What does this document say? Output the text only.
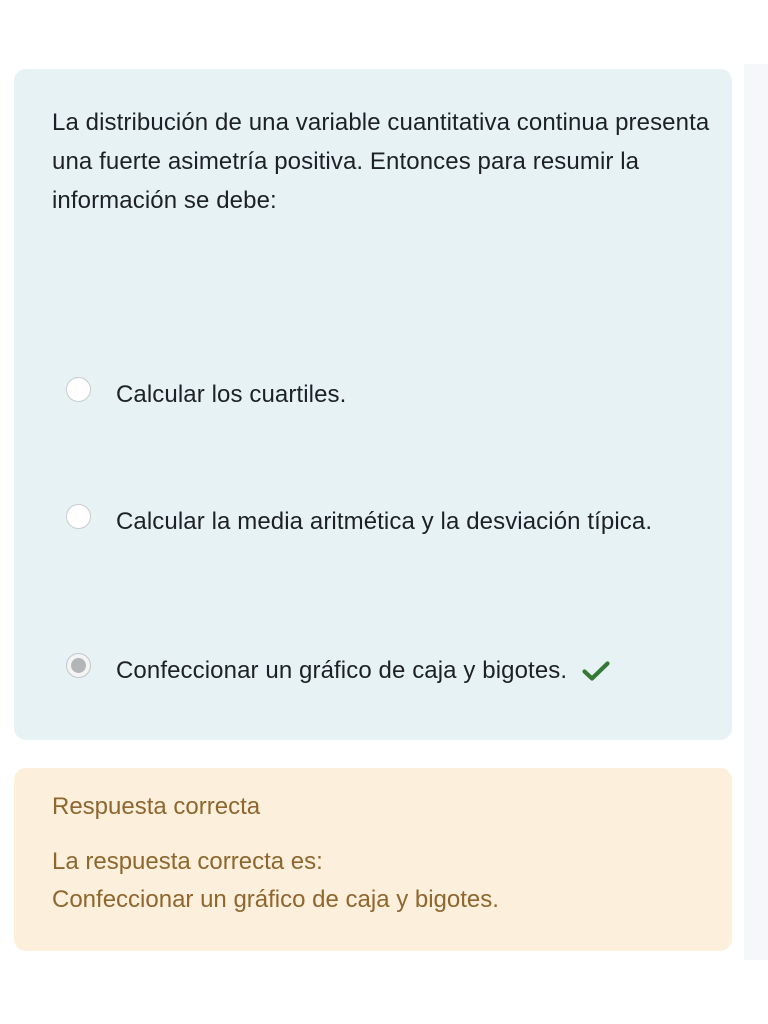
La distribución de una variable cuantitativa continua presenta una fuerte asimetría positiva. Entonces para resumir la información se debe:
Calcular los cuartiles.
Calcular la media aritmética y la desviación típica.
Confeccionar un gráfico de caja y bigotes.
Respuesta correcta
La respuesta correcta es:
Confeccionar un gráfico de caja y bigotes.
